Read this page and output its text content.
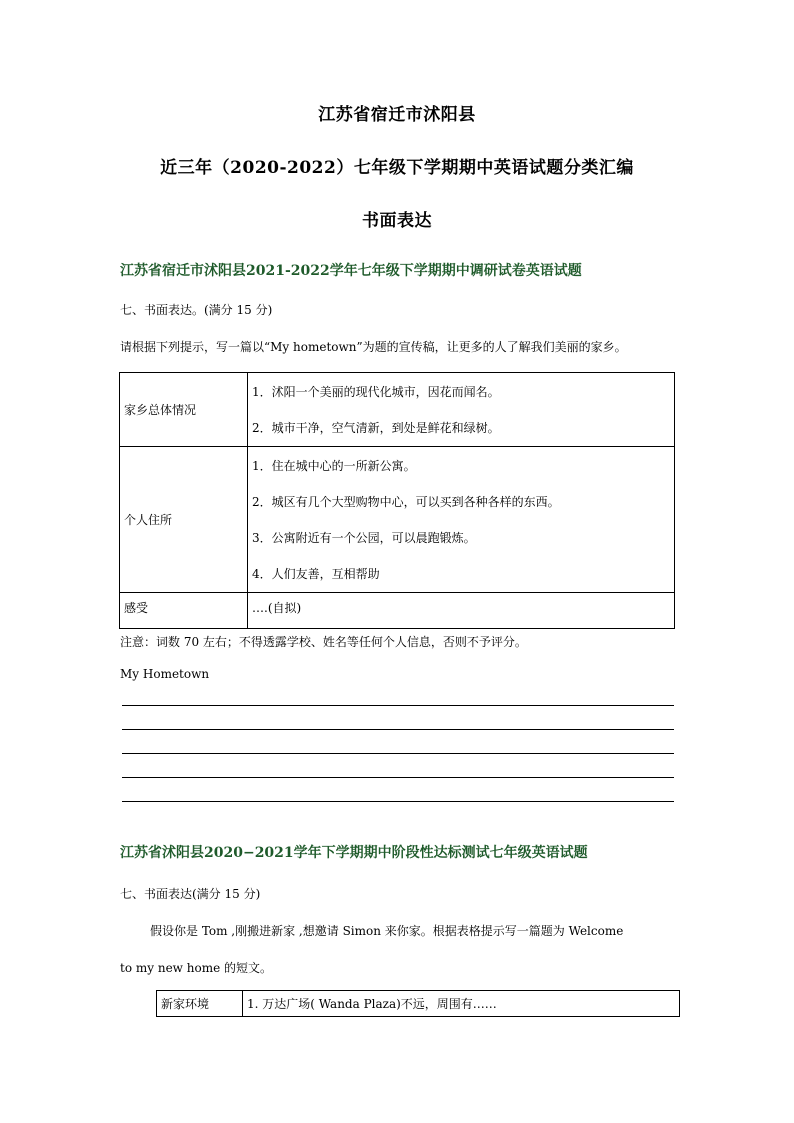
江苏省宿迁市沭阳县
近三年（2020-2022）七年级下学期期中英语试题分类汇编
书面表达
江苏省宿迁市沭阳县2021-2022学年七年级下学期期中调研试卷英语试题
七、书面表达。(满分 15 分)
请根据下列提示，写一篇以“My hometown”为题的宣传稿，让更多的人了解我们美丽的家乡。
家乡总体情况	1．沭阳一个美丽的现代化城市，因花而闻名。
2．城市干净，空气清新，到处是鲜花和绿树。

个人住所	1．住在城中心的一所新公寓。
2．城区有几个大型购物中心，可以买到各种各样的东西。
3．公寓附近有一个公园，可以晨跑锻炼。
4．人们友善，互相帮助

感受	….(自拟)
注意：词数 70 左右；不得透露学校、姓名等任何个人信息，否则不予评分。
My Hometown
江苏省沭阳县2020−2021学年下学期期中阶段性达标测试七年级英语试题
七、书面表达(满分 15 分)
假设你是 Tom ,刚搬进新家 ,想邀请 Simon 来你家。根据表格提示写一篇题为 Welcome
to my new home 的短文。
新家环境	1. 万达广场( Wanda Plaza)不远，周围有……
